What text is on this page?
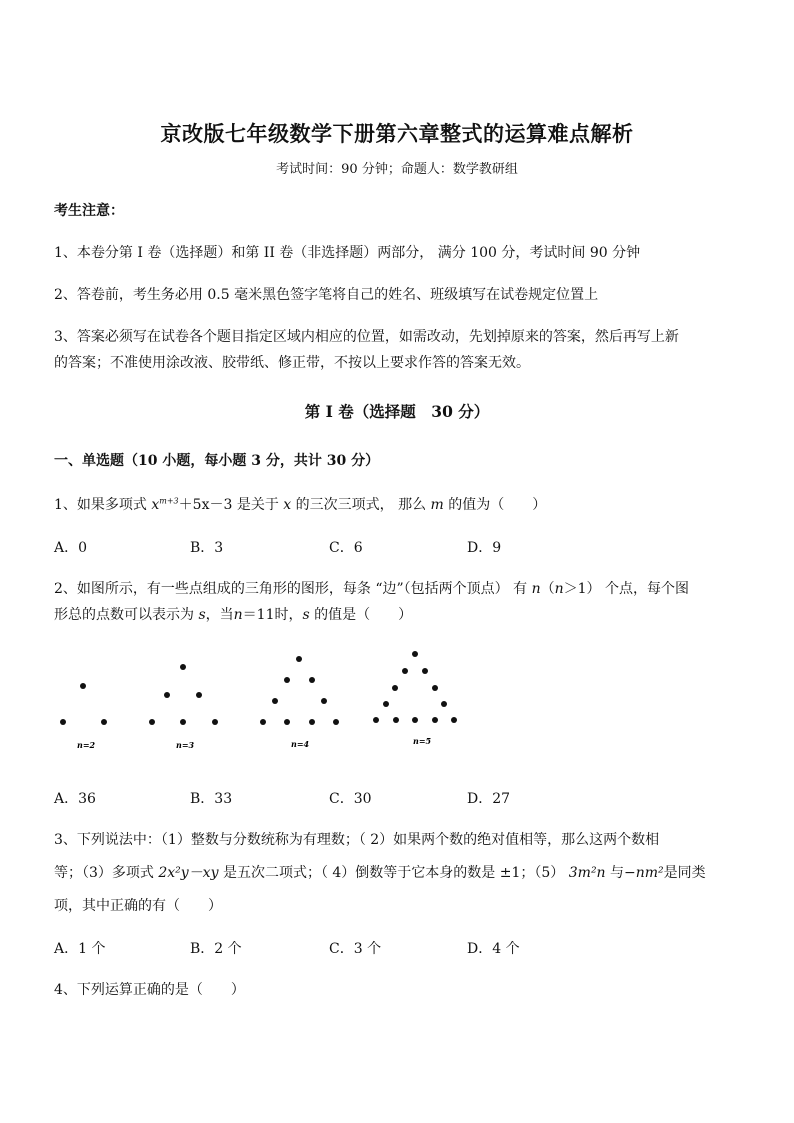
京改版七年级数学下册第六章整式的运算难点解析
考试时间：90 分钟；命题人：数学教研组
考生注意：
1、本卷分第 I 卷（选择题）和第 II 卷（非选择题）两部分， 满分 100 分，考试时间 90 分钟
2、答卷前，考生务必用 0.5 毫米黑色签字笔将自己的姓名、班级填写在试卷规定位置上
3、答案必须写在试卷各个题目指定区域内相应的位置，如需改动，先划掉原来的答案，然后再写上新
的答案；不准使用涂改液、胶带纸、修正带，不按以上要求作答的答案无效。
第 I 卷（选择题　30 分）
一、单选题（10 小题，每小题 3 分，共计 30 分）
1、如果多项式 $x^{m+3}+5x-3$ 是关于 x 的三次三项式， 那么 m 的值为（　　）
A．0	B．3	C．6	D．9
2、如图所示，有一些点组成的三角形的图形，每条 “边”（包括两个顶点） 有 n（n＞1） 个点，每个图
形总的点数可以表示为 s，当n＝11时，s 的值是（　　）
n=2	n=3	n=4	n=5
A．36	B．33	C．30	D．27
3、下列说法中：（1）整数与分数统称为有理数；（ 2）如果两个数的绝对值相等，那么这两个数相
等；（3）多项式 2x²y－xy 是五次二项式；（ 4）倒数等于它本身的数是 ±1；（5） 3m²n 与−nm²是同类
项，其中正确的有（　　）
A．1 个	B．2 个	C．3 个	D．4 个
4、下列运算正确的是（　　）
